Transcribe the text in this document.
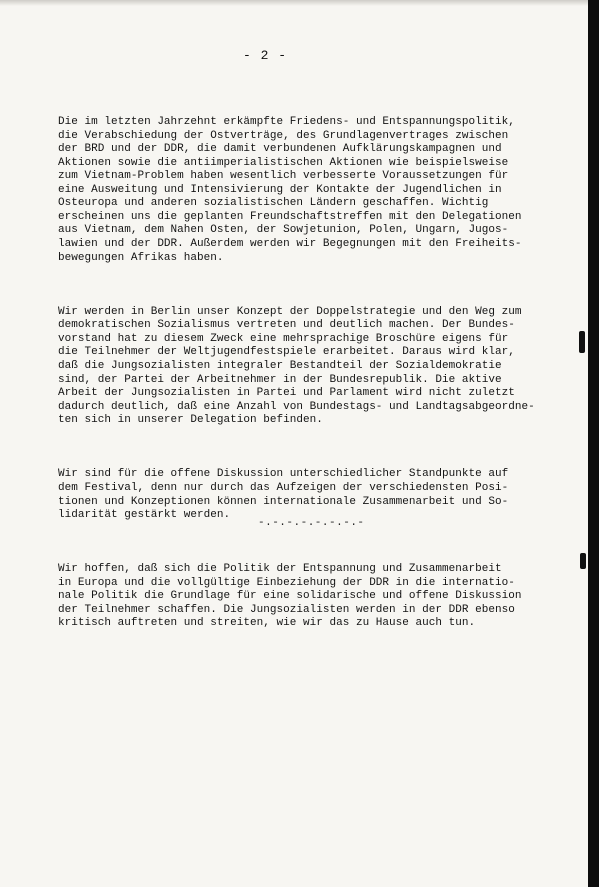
- 2 -

Die im letzten Jahrzehnt erkämpfte Friedens- und Entspannungspolitik,
die Verabschiedung der Ostverträge, des Grundlagenvertrages zwischen
der BRD und der DDR, die damit verbundenen Aufklärungskampagnen und
Aktionen sowie die antiimperialistischen Aktionen wie beispielsweise
zum Vietnam-Problem haben wesentlich verbesserte Voraussetzungen für
eine Ausweitung und Intensivierung der Kontakte der Jugendlichen in
Osteuropa und anderen sozialistischen Ländern geschaffen. Wichtig
erscheinen uns die geplanten Freundschaftstreffen mit den Delegationen
aus Vietnam, dem Nahen Osten, der Sowjetunion, Polen, Ungarn, Jugos-
lawien und der DDR. Außerdem werden wir Begegnungen mit den Freiheits-
bewegungen Afrikas haben.

Wir werden in Berlin unser Konzept der Doppelstrategie und den Weg zum
demokratischen Sozialismus vertreten und deutlich machen. Der Bundes-
vorstand hat zu diesem Zweck eine mehrsprachige Broschüre eigens für
die Teilnehmer der Weltjugendfestspiele erarbeitet. Daraus wird klar,
daß die Jungsozialisten integraler Bestandteil der Sozialdemokratie
sind, der Partei der Arbeitnehmer in der Bundesrepublik. Die aktive
Arbeit der Jungsozialisten in Partei und Parlament wird nicht zuletzt
dadurch deutlich, daß eine Anzahl von Bundestags- und Landtagsabgeordne-
ten sich in unserer Delegation befinden.

Wir sind für die offene Diskussion unterschiedlicher Standpunkte auf
dem Festival, denn nur durch das Aufzeigen der verschiedensten Posi-
tionen und Konzeptionen können internationale Zusammenarbeit und So-
lidarität gestärkt werden.

Wir hoffen, daß sich die Politik der Entspannung und Zusammenarbeit
in Europa und die vollgültige Einbeziehung der DDR in die internatio-
nale Politik die Grundlage für eine solidarische und offene Diskussion
der Teilnehmer schaffen. Die Jungsozialisten werden in der DDR ebenso
kritisch auftreten und streiten, wie wir das zu Hause auch tun.

-.-.-.-.-.-.-.-
